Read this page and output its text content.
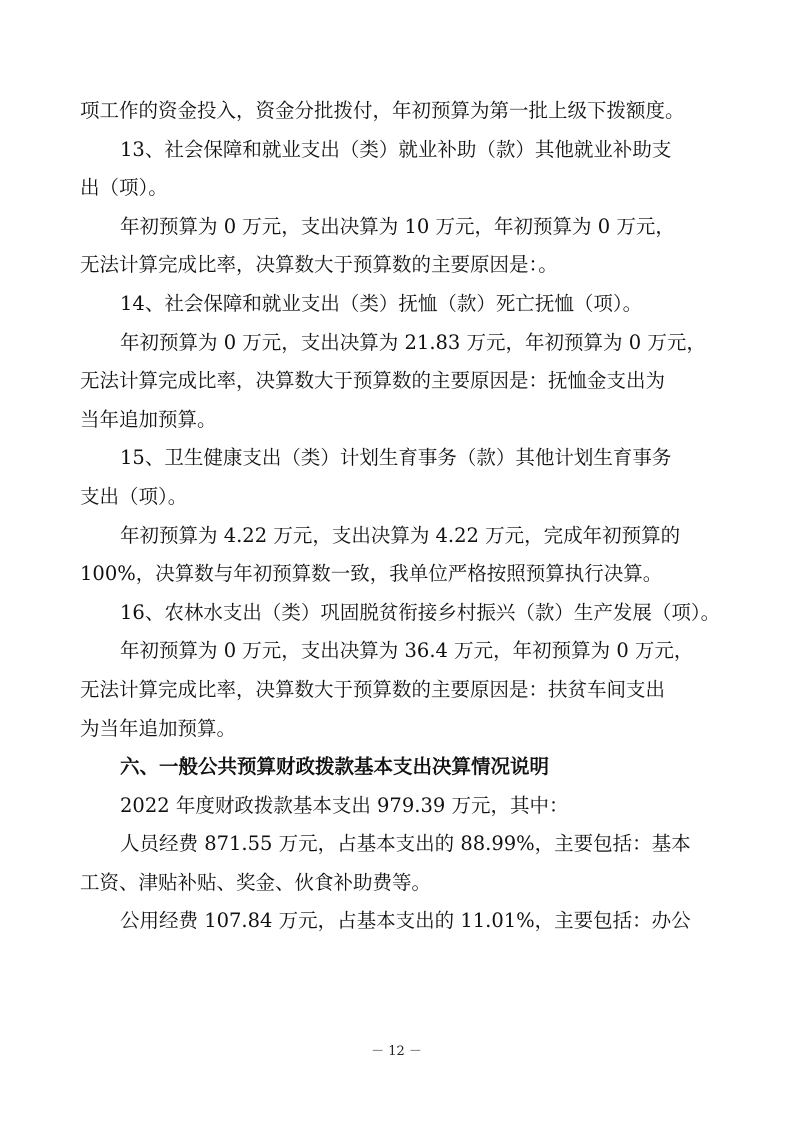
项工作的资金投入，资金分批拨付，年初预算为第一批上级下拨额度。

13、社会保障和就业支出（类）就业补助（款）其他就业补助支

出（项）。

年初预算为 0 万元，支出决算为 10 万元，年初预算为 0 万元，

无法计算完成比率，决算数大于预算数的主要原因是：。

14、社会保障和就业支出（类）抚恤（款）死亡抚恤（项）。

年初预算为 0 万元，支出决算为 21.83 万元，年初预算为 0 万元，

无法计算完成比率，决算数大于预算数的主要原因是：抚恤金支出为

当年追加预算。

15、卫生健康支出（类）计划生育事务（款）其他计划生育事务

支出（项）。

年初预算为 4.22 万元，支出决算为 4.22 万元，完成年初预算的

100%，决算数与年初预算数一致，我单位严格按照预算执行决算。

16、农林水支出（类）巩固脱贫衔接乡村振兴（款）生产发展（项）。

年初预算为 0 万元，支出决算为 36.4 万元，年初预算为 0 万元，

无法计算完成比率，决算数大于预算数的主要原因是：扶贫车间支出

为当年追加预算。

六、一般公共预算财政拨款基本支出决算情况说明

2022 年度财政拨款基本支出 979.39 万元，其中：

人员经费 871.55 万元，占基本支出的 88.99%，主要包括：基本

工资、津贴补贴、奖金、伙食补助费等。

公用经费 107.84 万元，占基本支出的 11.01%，主要包括：办公

－ 12 －
